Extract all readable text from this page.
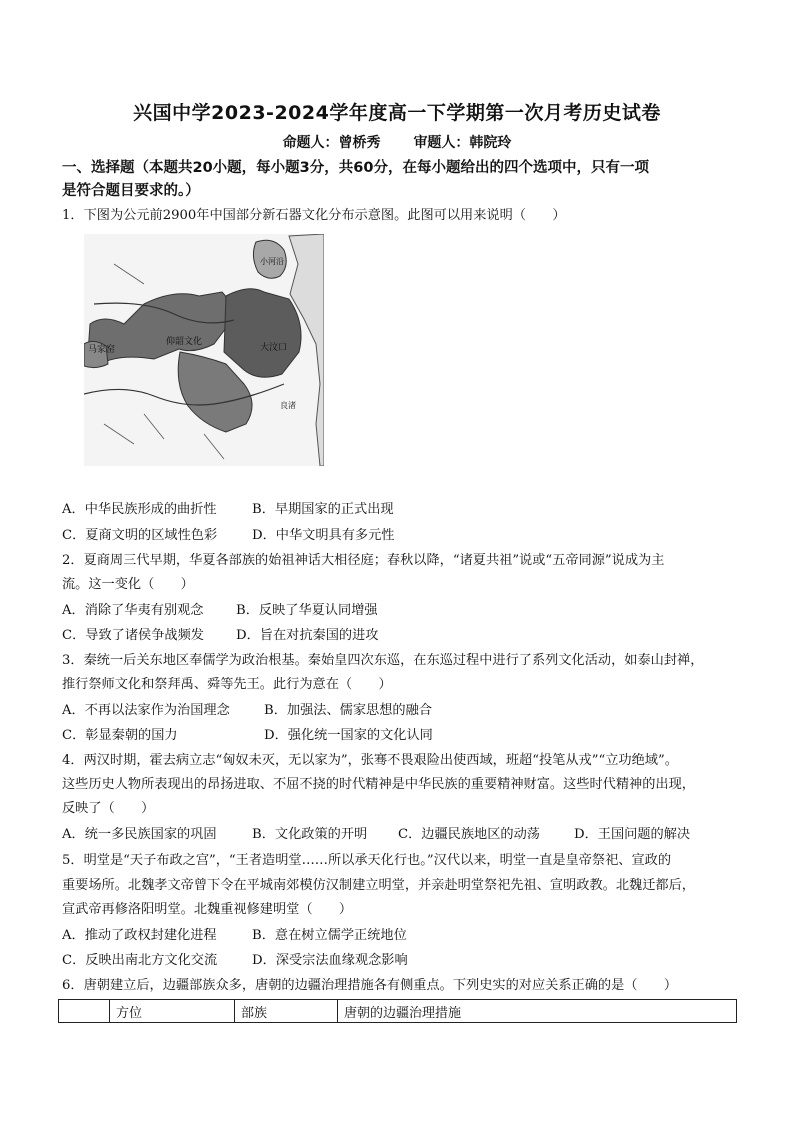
兴国中学2023-2024学年度高一下学期第一次月考历史试卷
命题人：曾桥秀 审题人：韩院玲
一、选择题（本题共20小题，每小题3分，共60分，在每小题给出的四个选项中，只有一项
是符合题目要求的。）
1．下图为公元前2900年中国部分新石器文化分布示意图。此图可以用来说明（　　）
马家窑
仰韶文化
大汶口
小河沿
良渚
A．中华民族形成的曲折性	B．早期国家的正式出现
C．夏商文明的区域性色彩	D．中华文明具有多元性
2．夏商周三代早期，华夏各部族的始祖神话大相径庭；春秋以降，“诸夏共祖”说或“五帝同源”说成为主
流。这一变化（　　）
A．消除了华夷有别观念 B．反映了华夏认同增强
C．导致了诸侯争战频发 D．旨在对抗秦国的进攻
3．秦统一后关东地区奉儒学为政治根基。秦始皇四次东巡，在东巡过程中进行了系列文化活动，如泰山封禅，
推行祭师文化和祭拜禹、舜等先王。此行为意在（　　）
A．不再以法家作为治国理念	B．加强法、儒家思想的融合
C．彰显秦朝的国力	D．强化统一国家的文化认同
4．两汉时期，霍去病立志“匈奴未灭，无以家为”，张骞不畏艰险出使西域，班超“投笔从戎”“立功绝域”。
这些历史人物所表现出的昂扬进取、不屈不挠的时代精神是中华民族的重要精神财富。这些时代精神的出现，
反映了（　　）
A．统一多民族国家的巩固	B．文化政策的开明 C．边疆民族地区的动荡	D．王国问题的解决
5．明堂是“天子布政之宫”，“王者造明堂……所以承天化行也。”汉代以来，明堂一直是皇帝祭祀、宣政的
重要场所。北魏孝文帝曾下令在平城南郊模仿汉制建立明堂，并亲赴明堂祭祀先祖、宣明政教。北魏迁都后，
宣武帝再修洛阳明堂。北魏重视修建明堂（　　）
A．推动了政权封建化进程	B．意在树立儒学正统地位
C．反映出南北方文化交流	D．深受宗法血缘观念影响
6．唐朝建立后，边疆部族众多，唐朝的边疆治理措施各有侧重点。下列史实的对应关系正确的是（　　）
	方位	部族	唐朝的边疆治理措施
